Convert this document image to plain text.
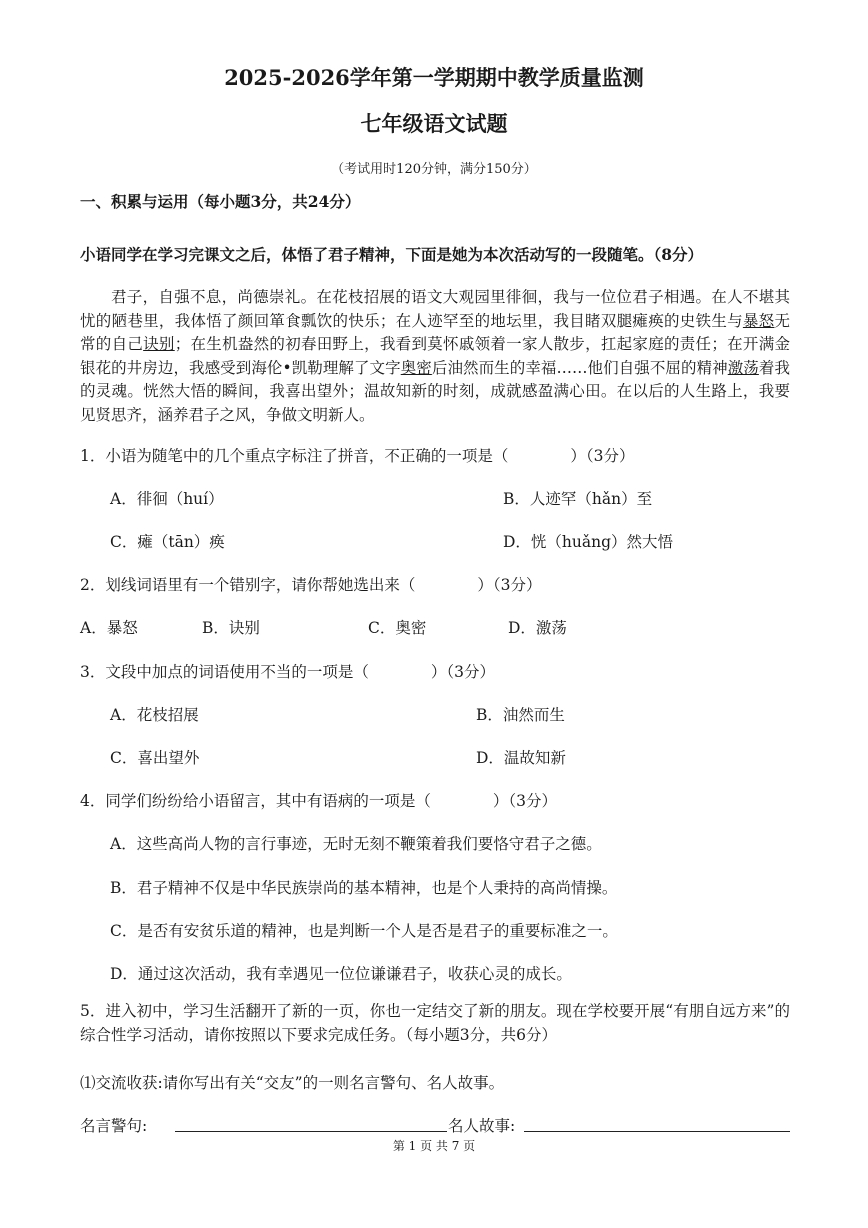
2025-2026学年第一学期期中教学质量监测
七年级语文试题
（考试用时120分钟，满分150分）
一、积累与运用（每小题3分，共24分）
小语同学在学习完课文之后，体悟了君子精神，下面是她为本次活动写的一段随笔。（8分）

君子，自强不息，尚德崇礼。在花枝招展的语文大观园里徘徊，我与一位位君子相遇。在人不堪其忧的陋巷里，我体悟了颜回箪食瓢饮的快乐；在人迹罕至的地坛里，我目睹双腿瘫痪的史铁生与暴怒无常的自己诀别；在生机盎然的初春田野上，我看到莫怀戚领着一家人散步，扛起家庭的责任；在开满金银花的井房边，我感受到海伦•凯勒理解了文字奥密后油然而生的幸福……他们自强不屈的精神激荡着我的灵魂。恍然大悟的瞬间，我喜出望外；温故知新的时刻，成就感盈满心田。在以后的人生路上，我要见贤思齐，涵养君子之风，争做文明新人。

1．小语为随笔中的几个重点字标注了拼音，不正确的一项是（　　　　）（3分）
A．徘徊（huí）	B．人迹罕（hǎn）至
C．瘫（tān）痪	D．恍（huǎng）然大悟
2．划线词语里有一个错别字，请你帮她选出来（　　　　）（3分）
A．暴怒	B．诀别	C．奥密	D．激荡
3．文段中加点的词语使用不当的一项是（　　　　）（3分）
A．花枝招展	B．油然而生
C．喜出望外	D．温故知新
4．同学们纷纷给小语留言，其中有语病的一项是（　　　　）（3分）
A．这些高尚人物的言行事迹，无时无刻不鞭策着我们要恪守君子之德。
B．君子精神不仅是中华民族崇尚的基本精神，也是个人秉持的高尚情操。
C．是否有安贫乐道的精神，也是判断一个人是否是君子的重要标准之一。
D．通过这次活动，我有幸遇见一位位谦谦君子，收获心灵的成长。

5．进入初中，学习生活翻开了新的一页，你也一定结交了新的朋友。现在学校要开展“有朋自远方来”的综合性学习活动，请你按照以下要求完成任务。（每小题3分，共6分）

⑴交流收获:请你写出有关“交友”的一则名言警句、名人故事。
名言警句:	名人故事:
第 1 页 共 7 页
